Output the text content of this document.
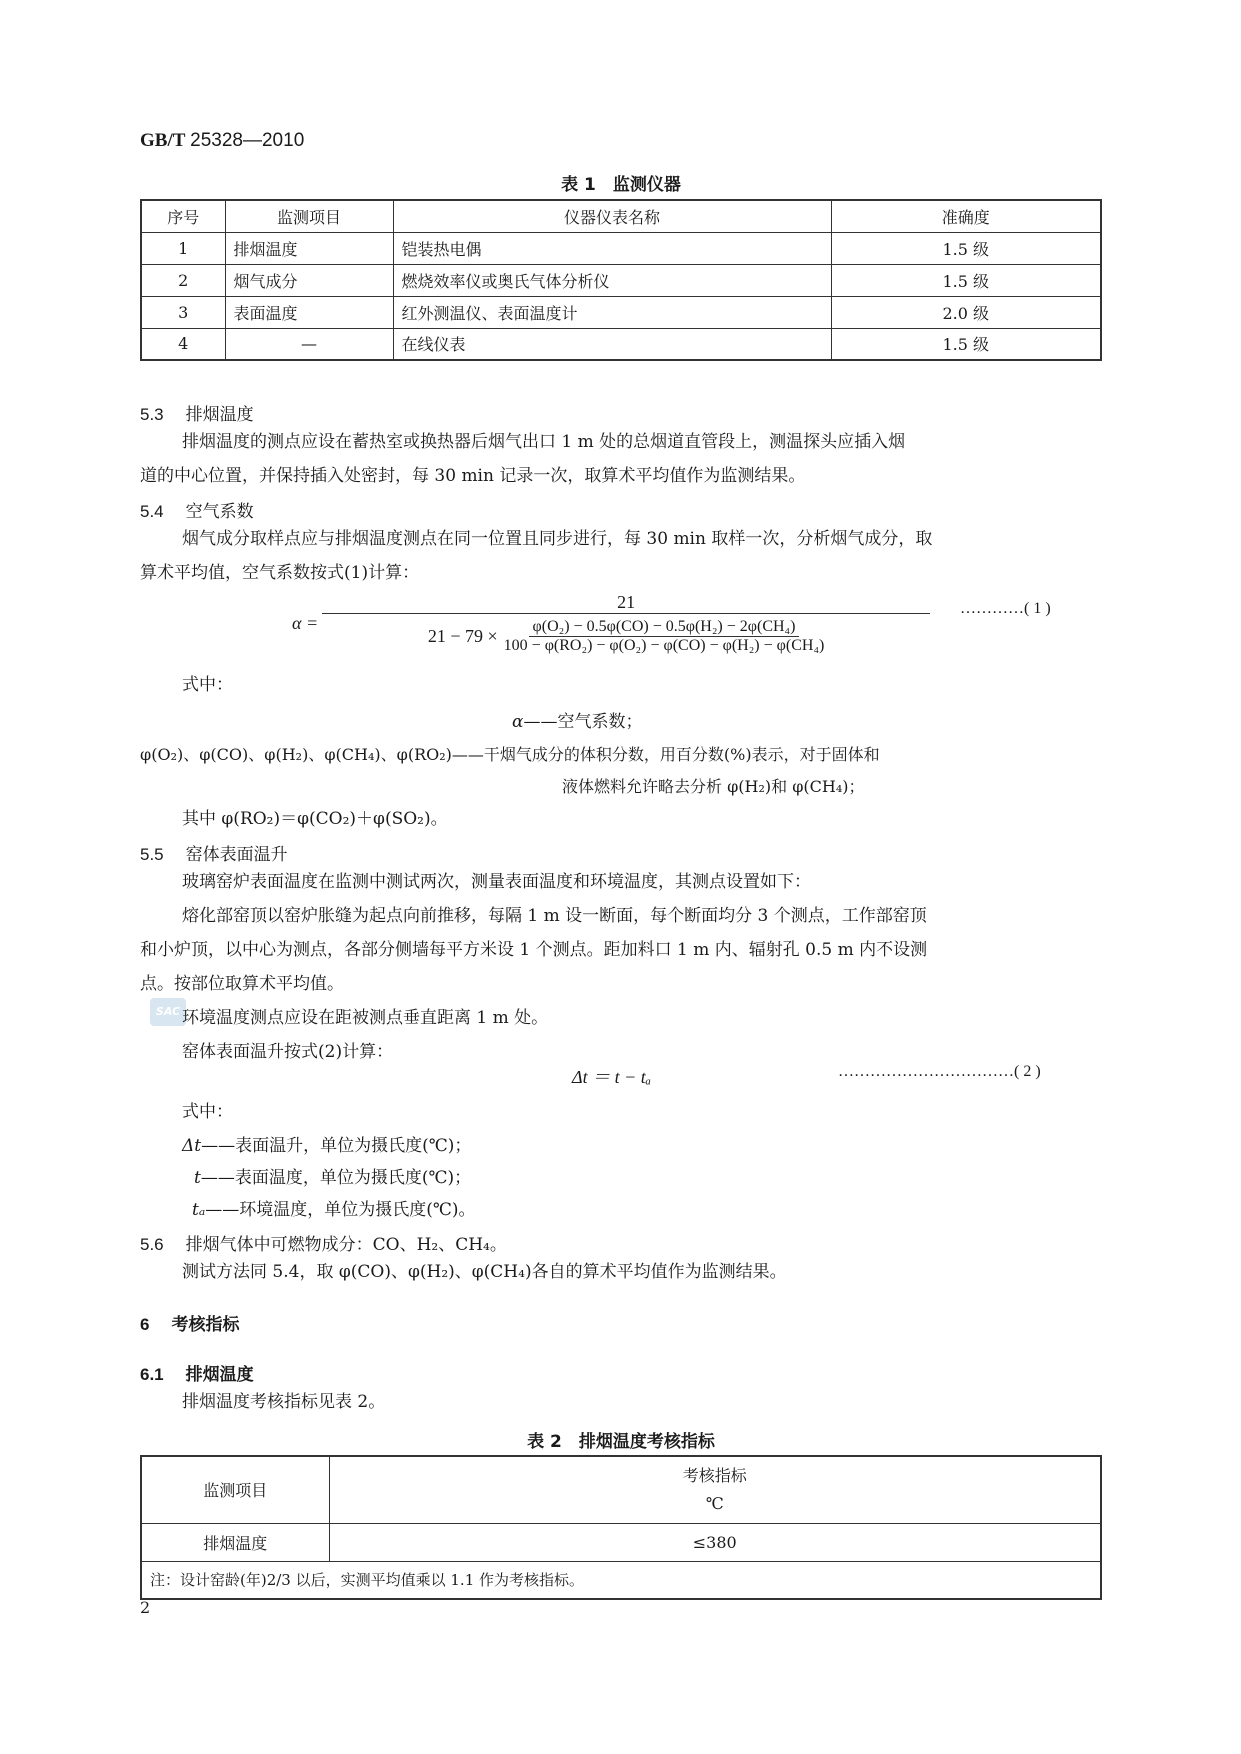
GB/T 25328—2010
表 1　监测仪器
序号	监测项目	仪器仪表名称	准确度
1	排烟温度	铠装热电偶	1.5 级
2	烟气成分	燃烧效率仪或奥氏气体分析仪	1.5 级
3	表面温度	红外测温仪、表面温度计	2.0 级
4	—	在线仪表	1.5 级
5.3 排烟温度
排烟温度的测点应设在蓄热室或换热器后烟气出口 1 m 处的总烟道直管段上，测温探头应插入烟
道的中心位置，并保持插入处密封，每 30 min 记录一次，取算术平均值作为监测结果。
5.4 空气系数
烟气成分取样点应与排烟温度测点在同一位置且同步进行，每 30 min 取样一次，分析烟气成分，取
算术平均值，空气系数按式(1)计算：
α =
21
$21 - 79 \times \frac{\text{φ(O₂) − 0.5φ(CO) − 0.5φ(H₂) − 2φ(CH₄)}}{\text{100 − φ(RO₂) − φ(O₂) − φ(CO) − φ(H₂) − φ(CH₄)}}$
…………( 1 )
式中：
α——空气系数；
φ(O₂)、φ(CO)、φ(H₂)、φ(CH₄)、φ(RO₂)——干烟气成分的体积分数，用百分数(%)表示，对于固体和
液体燃料允许略去分析 φ(H₂)和 φ(CH₄)；
其中 φ(RO₂)＝φ(CO₂)＋φ(SO₂)。
5.5 窑体表面温升
玻璃窑炉表面温度在监测中测试两次，测量表面温度和环境温度，其测点设置如下：
熔化部窑顶以窑炉胀缝为起点向前推移，每隔 1 m 设一断面，每个断面均分 3 个测点，工作部窑顶
和小炉顶，以中心为测点，各部分侧墙每平方米设 1 个测点。距加料口 1 m 内、辐射孔 0.5 m 内不设测
点。按部位取算术平均值。
SAC 环境温度测点应设在距被测点垂直距离 1 m 处。
窑体表面温升按式(2)计算：
Δt ＝ t − tₐ	……………………………( 2 )
式中：
Δt——表面温升，单位为摄氏度(℃)；
t——表面温度，单位为摄氏度(℃)；
tₐ——环境温度，单位为摄氏度(℃)。
5.6 排烟气体中可燃物成分：CO、H₂、CH₄。
测试方法同 5.4，取 φ(CO)、φ(H₂)、φ(CH₄)各自的算术平均值作为监测结果。
6 考核指标
6.1 排烟温度
排烟温度考核指标见表 2。
表 2　排烟温度考核指标
监测项目	考核指标
℃

排烟温度	≤380
注：设计窑龄(年)2/3 以后，实测平均值乘以 1.1 作为考核指标。	
2
